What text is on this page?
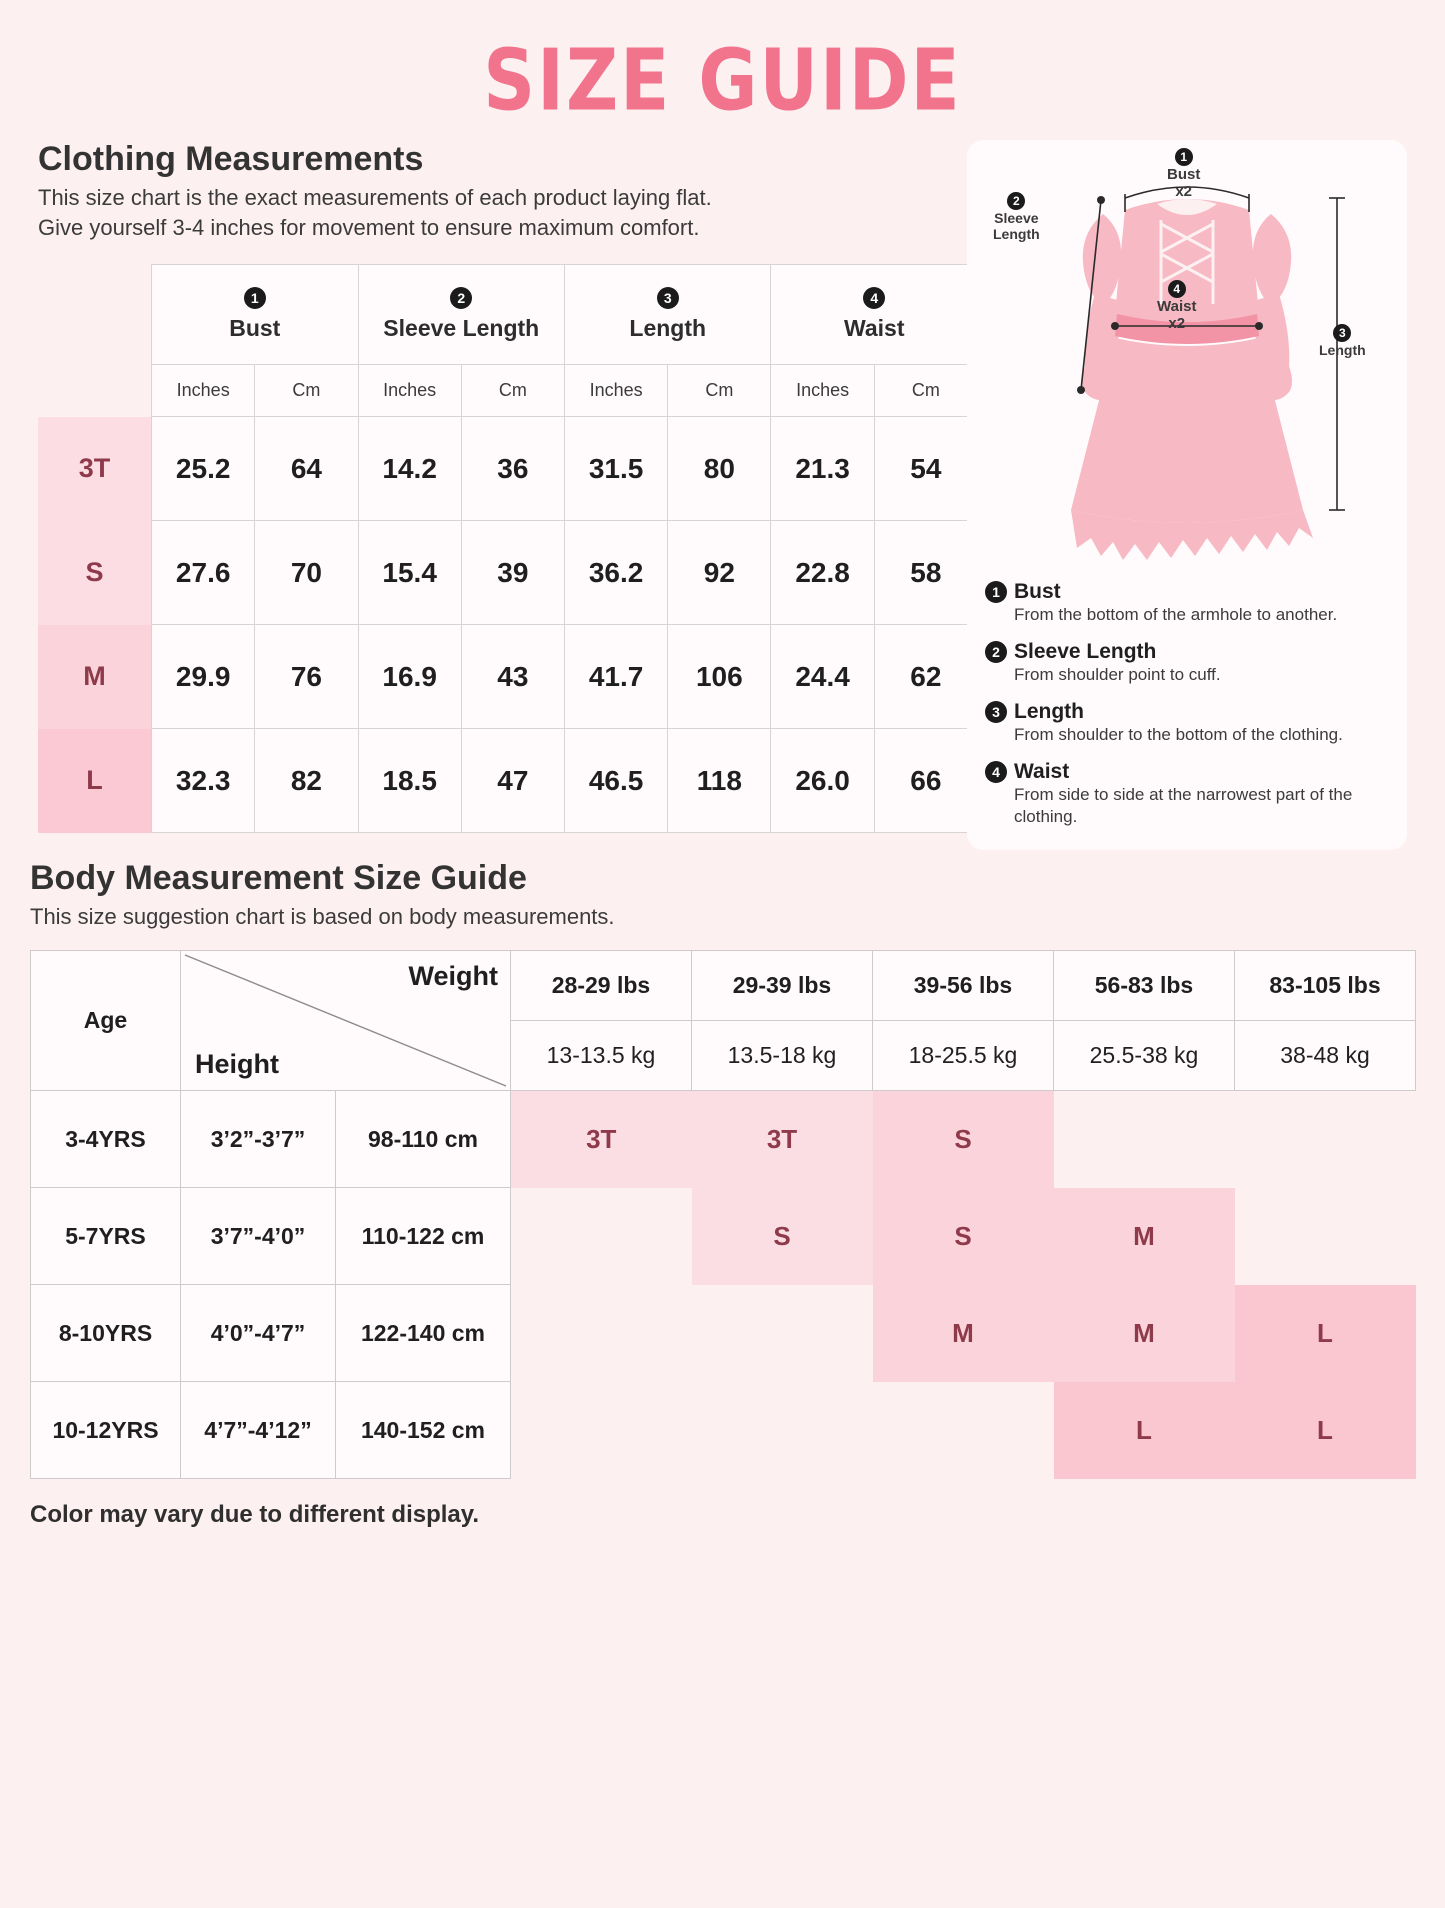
SIZE GUIDE
Clothing Measurements
This size chart is the exact measurements of each product laying flat.
Give yourself 3-4 inches for movement to ensure maximum comfort.

	1
Bust		2
Sleeve Length		3
Length		4
Waist	
	Inches	Cm	Inches	Cm	Inches	Cm	Inches	Cm
3T	25.2	64	14.2	36	31.5	80	21.3	54
S	27.6	70	15.4	39	36.2	92	22.8	58
M	29.9	76	16.9	43	41.7	106	24.4	62
L	32.3	82	18.5	47	46.5	118	26.0	66
1
Bust
x2
2
Sleeve
Length
4
Waist
x2
3
Length
1 Bust
From the bottom of the armhole to another.
2 Sleeve Length
From shoulder point to cuff.
3 Length
From shoulder to the bottom of the clothing.
4 Waist
From side to side at the narrowest part of the clothing.
Body Measurement Size Guide
This size suggestion chart is based on body measurements.
Age	Weight
Height		28-29 lbs	29-39 lbs	39-56 lbs	56-83 lbs	83-105 lbs
			13-13.5 kg	13.5-18 kg	18-25.5 kg	25.5-38 kg	38-48 kg
3-4YRS	3’2”-3’7”	98-110 cm	3T	3T	S		
5-7YRS	3’7”-4’0”	110-122 cm		S	S	M	
8-10YRS	4’0”-4’7”	122-140 cm			M	M	L
10-12YRS	4’7”-4’12”	140-152 cm				L	L
Color may vary due to different display.
